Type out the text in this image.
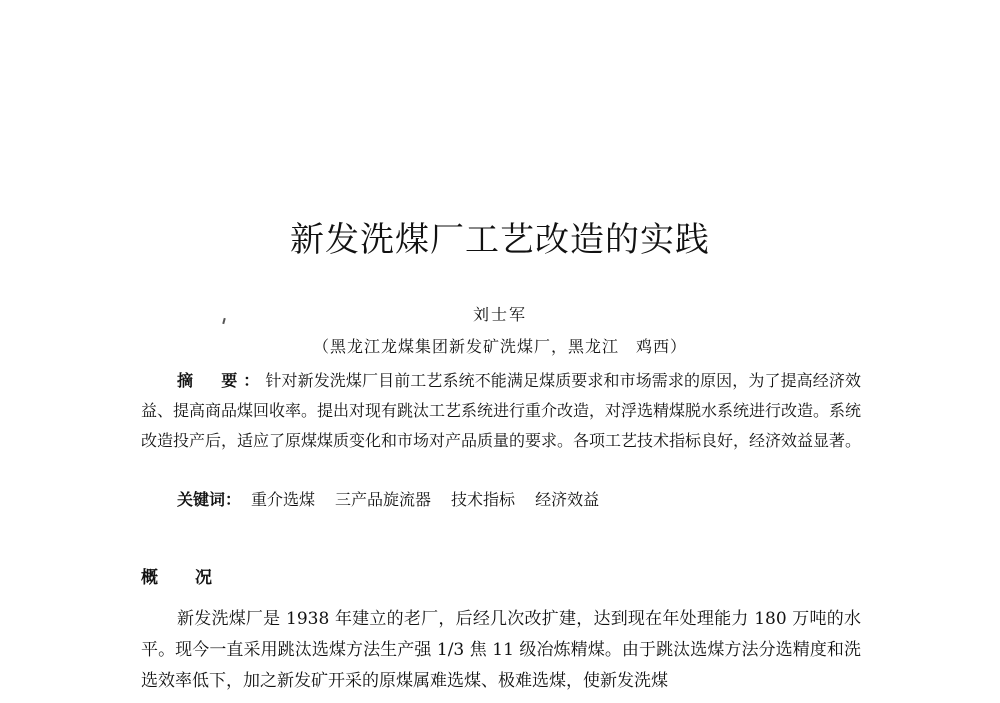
新发洗煤厂工艺改造的实践
刘士军
（黑龙江龙煤集团新发矿洗煤厂，黑龙江　鸡西）

摘　要：针对新发洗煤厂目前工艺系统不能满足煤质要求和市场需求的原因，为了提高经济效益、提高商品煤回收率。提出对现有跳汰工艺系统进行重介改造，对浮选精煤脱水系统进行改造。系统改造投产后，适应了原煤煤质变化和市场对产品质量的要求。各项工艺技术指标良好，经济效益显著。

关键词： 重介选煤 三产品旋流器 技术指标 经济效益
概　况

新发洗煤厂是 1938 年建立的老厂，后经几次改扩建，达到现在年处理能力 180 万吨的水平。现今一直采用跳汰选煤方法生产强 1/3 焦 11 级冶炼精煤。由于跳汰选煤方法分选精度和洗选效率低下，加之新发矿开采的原煤属难选煤、极难选煤，使新发洗煤
